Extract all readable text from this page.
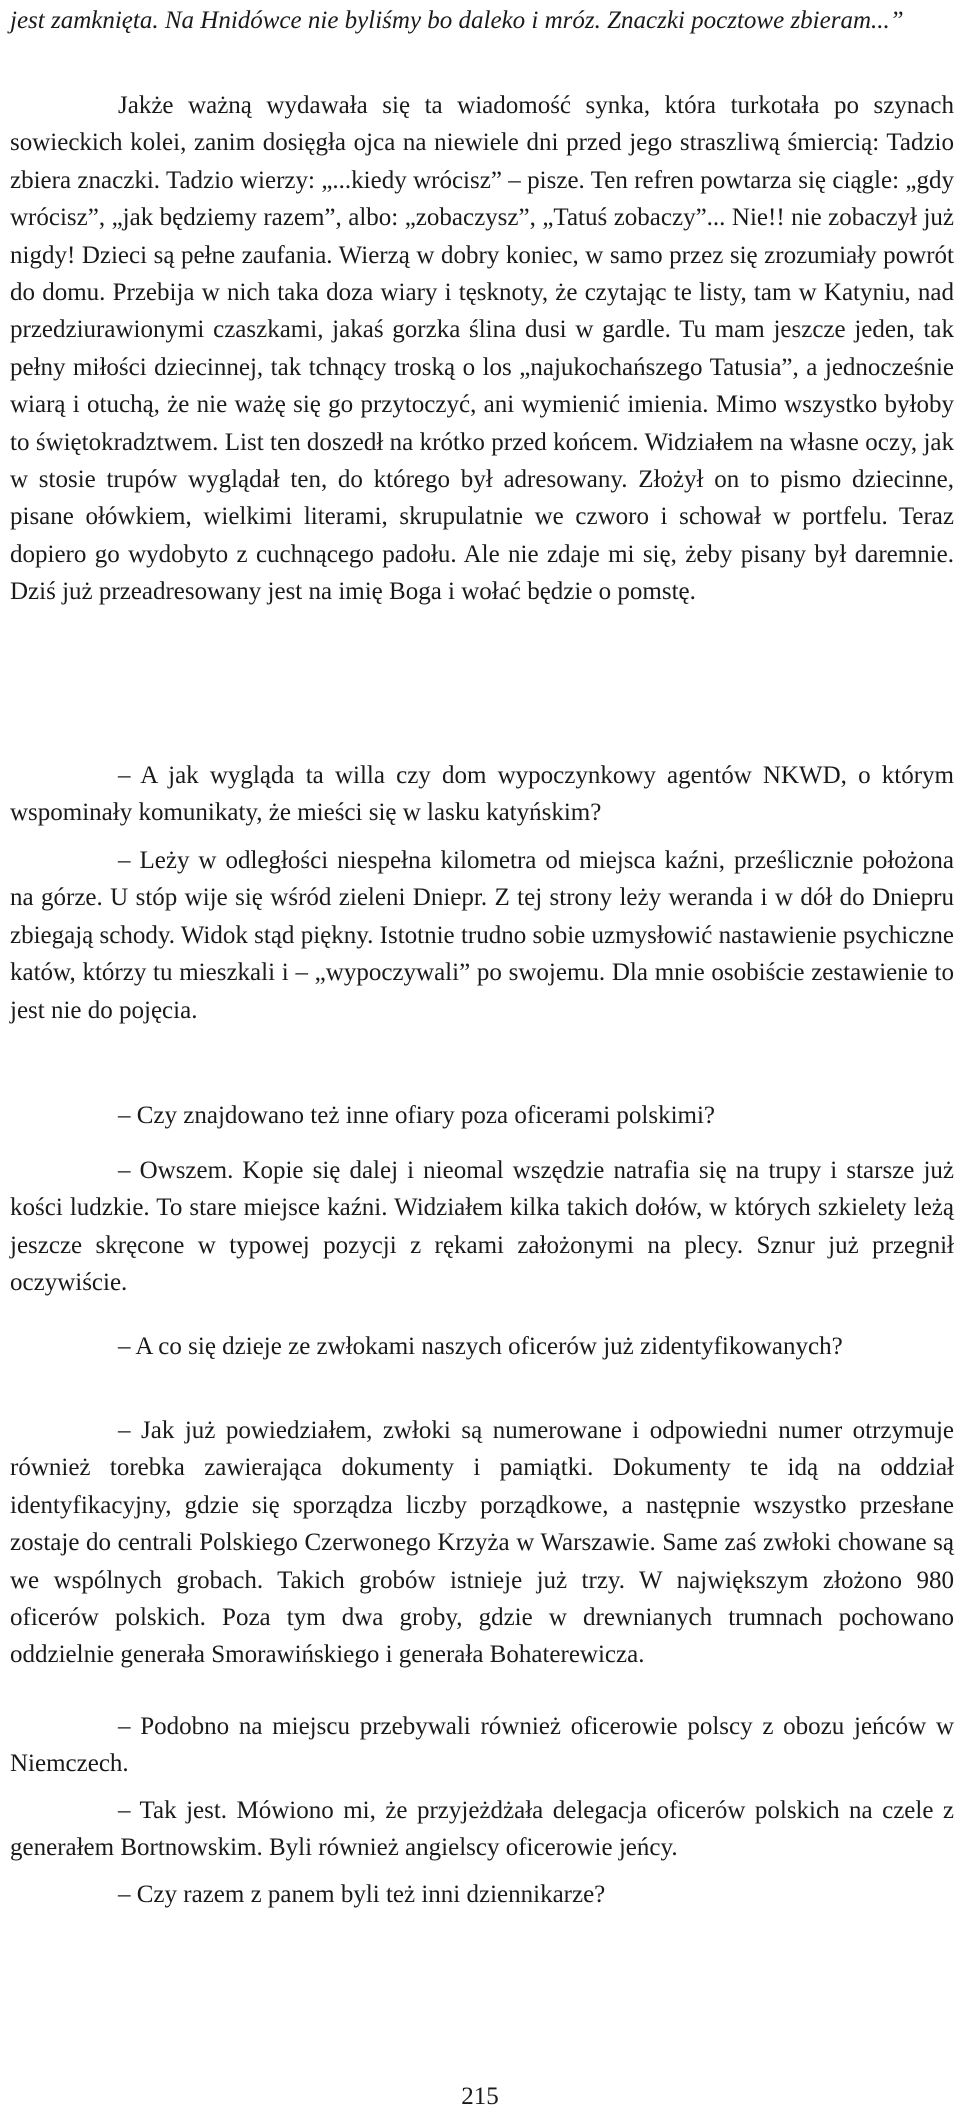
jest zamknięta. Na Hnidówce nie byliśmy bo daleko i mróz. Znaczki pocztowe zbieram...”

Jakże ważną wydawała się ta wiadomość synka, która turkotała po szynach sowieckich kolei, zanim dosięgła ojca na niewiele dni przed jego straszliwą śmiercią: Tadzio zbiera znaczki. Tadzio wierzy: „...kiedy wrócisz” – pisze. Ten refren powtarza się ciągle: „gdy wrócisz”, „jak będziemy razem”, albo: „zobaczysz”, „Tatuś zobaczy”... Nie!! nie zobaczył już nigdy! Dzieci są pełne zaufania. Wierzą w dobry koniec, w samo przez się zrozumiały powrót do domu. Przebija w nich taka doza wiary i tęsknoty, że czytając te listy, tam w Katyniu, nad przedziurawionymi czaszkami, jakaś gorzka ślina dusi w gardle. Tu mam jeszcze jeden, tak pełny miłości dziecinnej, tak tchnący troską o los „najukochańszego Tatusia”, a jednocześnie wiarą i otuchą, że nie ważę się go przytoczyć, ani wymienić imienia. Mimo wszystko byłoby to świętokradztwem. List ten doszedł na krótko przed końcem. Widziałem na własne oczy, jak w stosie trupów wyglądał ten, do którego był adresowany. Złożył on to pismo dziecinne, pisane ołówkiem, wielkimi literami, skrupulatnie we czworo i schował w portfelu. Teraz dopiero go wydobyto z cuchnącego padołu. Ale nie zdaje mi się, żeby pisany był daremnie. Dziś już przeadresowany jest na imię Boga i wołać będzie o pomstę.

– A jak wygląda ta willa czy dom wypoczynkowy agentów NKWD, o którym wspominały komunikaty, że mieści się w lasku katyńskim?

– Leży w odległości niespełna kilometra od miejsca kaźni, prześlicznie położona na górze. U stóp wije się wśród zieleni Dniepr. Z tej strony leży weranda i w dół do Dniepru zbiegają schody. Widok stąd piękny. Istotnie trudno sobie uzmysłowić nastawienie psychiczne katów, którzy tu mieszkali i – „wypoczywali” po swojemu. Dla mnie osobiście zestawienie to jest nie do pojęcia.

– Czy znajdowano też inne ofiary poza oficerami polskimi?

– Owszem. Kopie się dalej i nieomal wszędzie natrafia się na trupy i starsze już kości ludzkie. To stare miejsce kaźni. Widziałem kilka takich dołów, w których szkielety leżą jeszcze skręcone w typowej pozycji z rękami założonymi na plecy. Sznur już przegnił oczywiście.

– A co się dzieje ze zwłokami naszych oficerów już zidentyfikowanych?

– Jak już powiedziałem, zwłoki są numerowane i odpowiedni numer otrzymuje również torebka zawierająca dokumenty i pamiątki. Dokumenty te idą na oddział identyfikacyjny, gdzie się sporządza liczby porządkowe, a następnie wszystko przesłane zostaje do centrali Polskiego Czerwonego Krzyża w Warszawie. Same zaś zwłoki chowane są we wspólnych grobach. Takich grobów istnieje już trzy. W największym złożono 980 oficerów polskich. Poza tym dwa groby, gdzie w drewnianych trumnach pochowano oddzielnie generała Smorawińskiego i generała Bohaterewicza.

– Podobno na miejscu przebywali również oficerowie polscy z obozu jeńców w Niemczech.

– Tak jest. Mówiono mi, że przyjeżdżała delegacja oficerów polskich na czele z generałem Bortnowskim. Byli również angielscy oficerowie jeńcy.

– Czy razem z panem byli też inni dziennikarze?

215
